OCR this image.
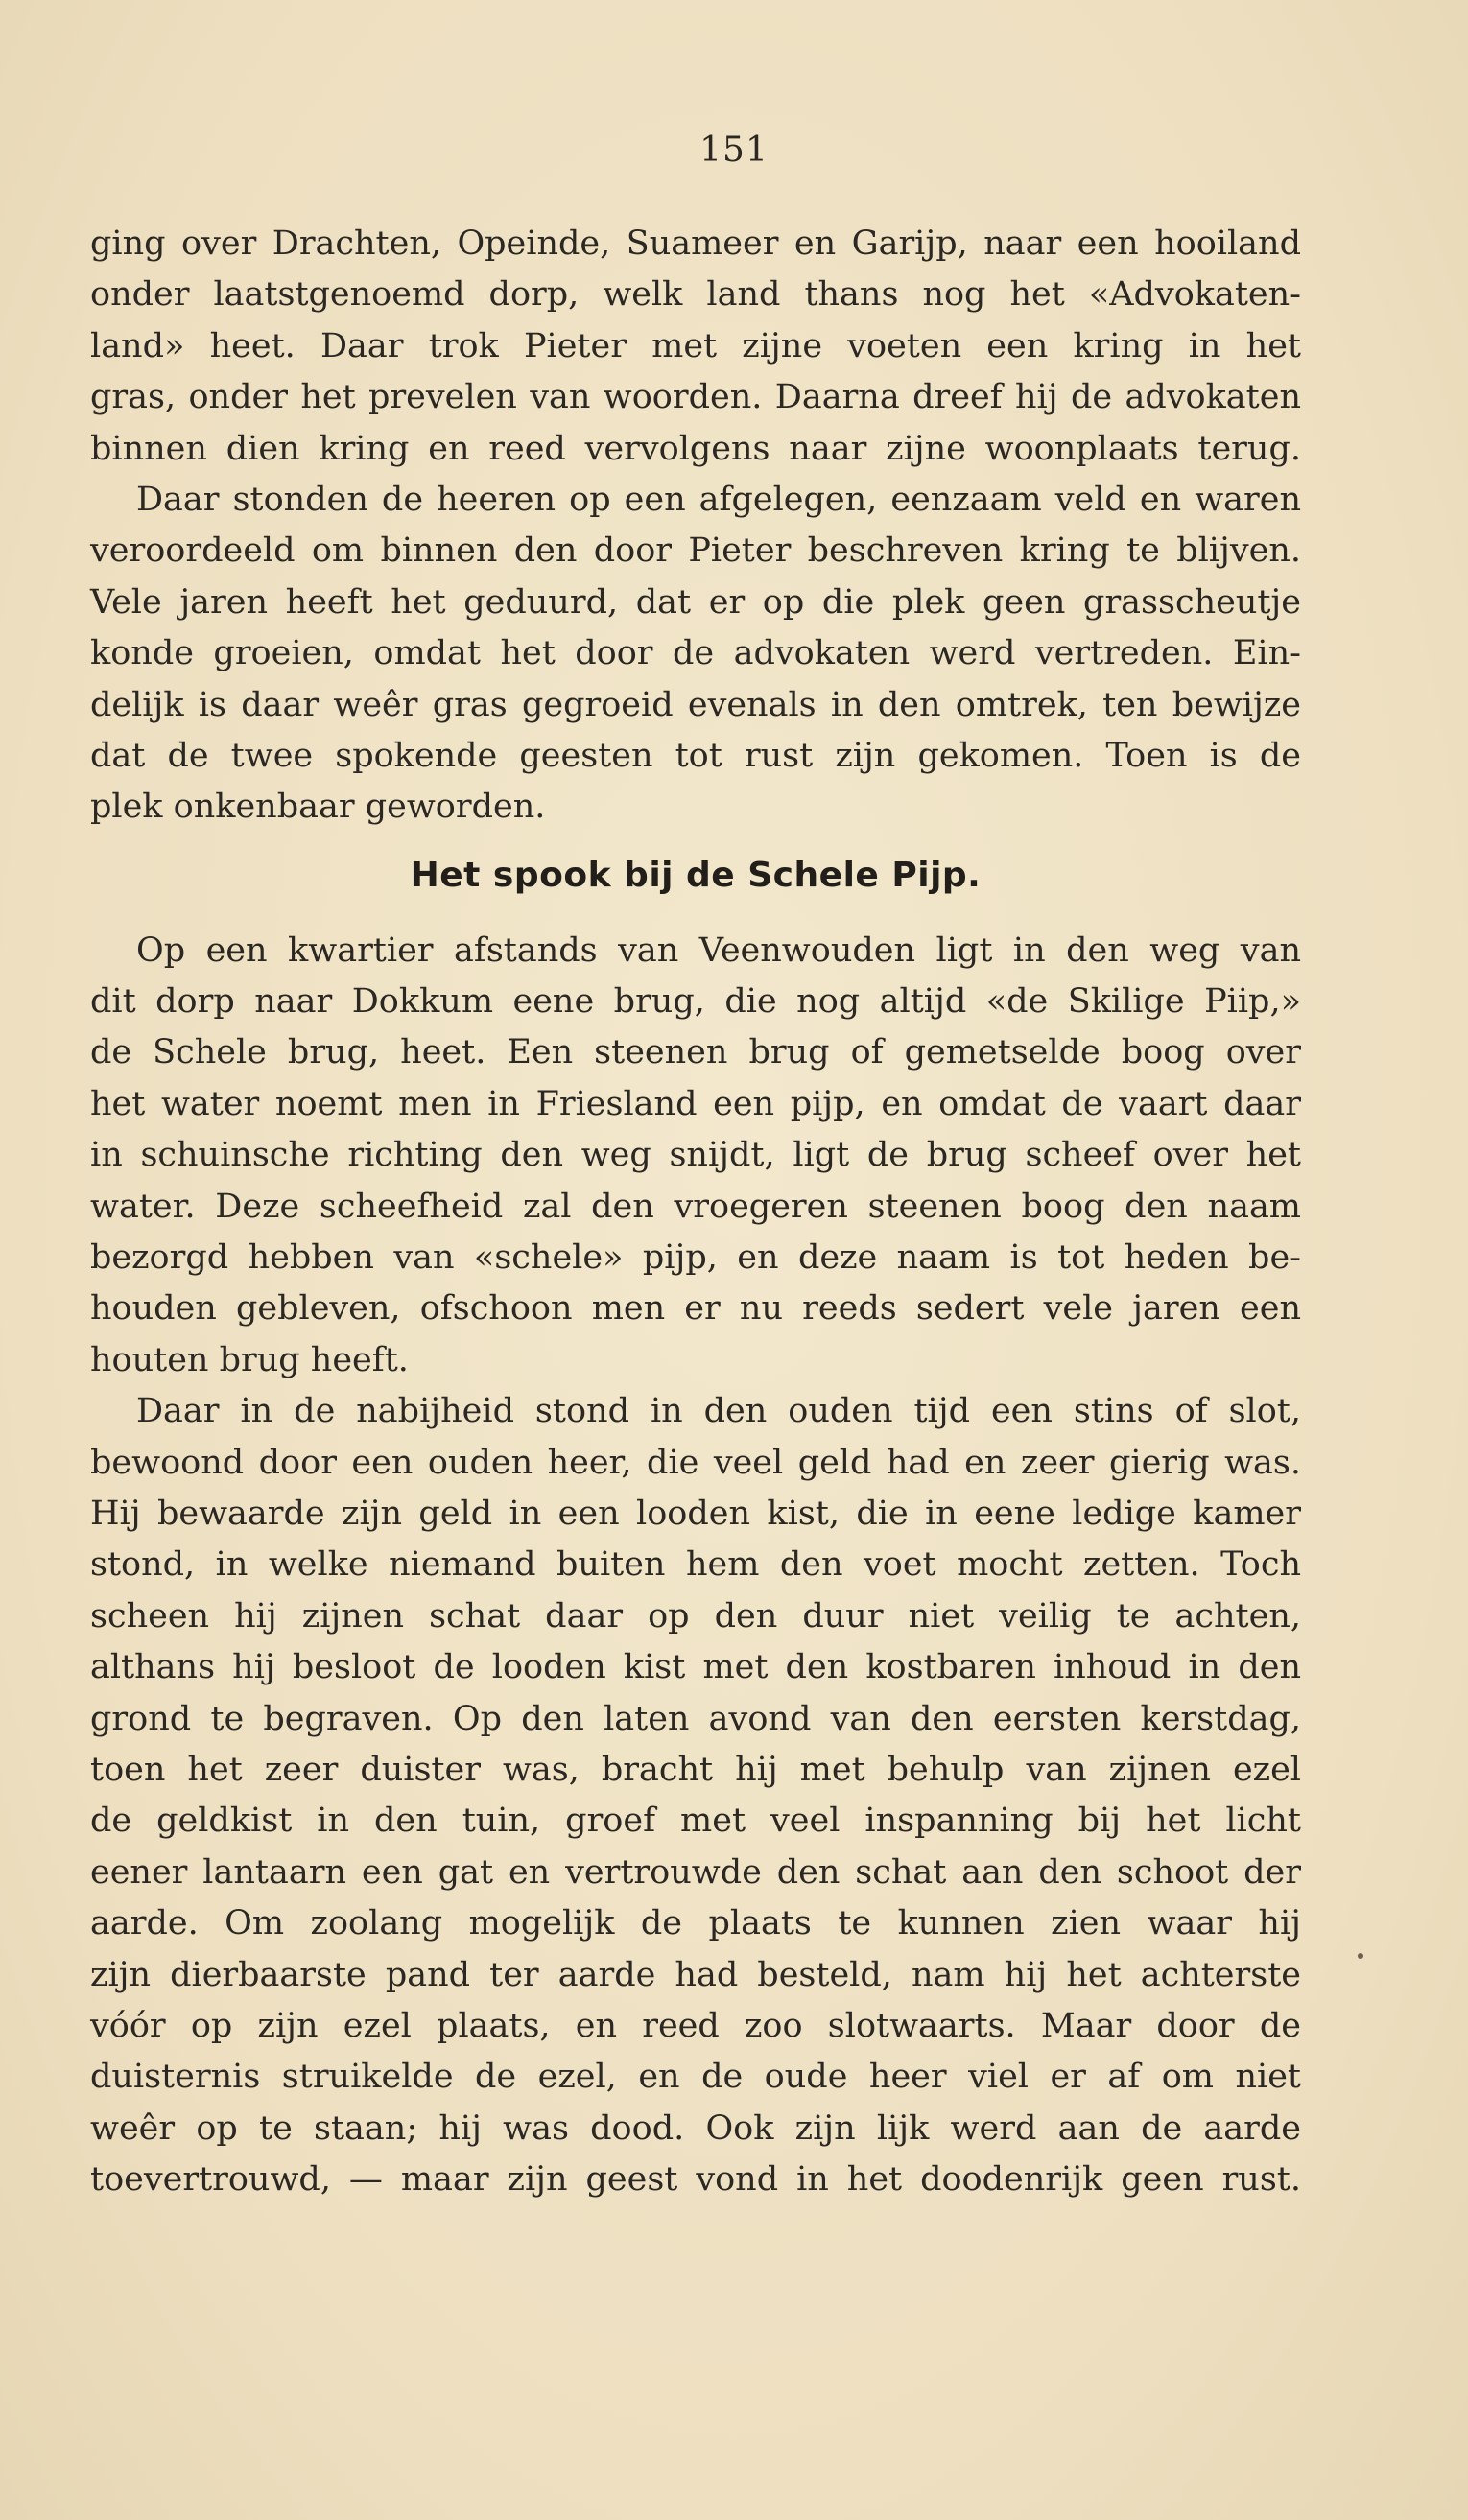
151
ging over Drachten, Opeinde, Suameer en Garijp, naar een hooiland
onder laatstgenoemd dorp, welk land thans nog het «Advokaten-
land» heet. Daar trok Pieter met zijne voeten een kring in het
gras, onder het prevelen van woorden. Daarna dreef hij de advokaten
binnen dien kring en reed vervolgens naar zijne woonplaats terug.
Daar stonden de heeren op een afgelegen, eenzaam veld en waren
veroordeeld om binnen den door Pieter beschreven kring te blijven.
Vele jaren heeft het geduurd, dat er op die plek geen grasscheutje
konde groeien, omdat het door de advokaten werd vertreden. Ein-
delijk is daar weêr gras gegroeid evenals in den omtrek, ten bewijze
dat de twee spokende geesten tot rust zijn gekomen. Toen is de
plek onkenbaar geworden.
Het spook bij de Schele Pijp.
Op een kwartier afstands van Veenwouden ligt in den weg van
dit dorp naar Dokkum eene brug, die nog altijd «de Skilige Piip,»
de Schele brug, heet. Een steenen brug of gemetselde boog over
het water noemt men in Friesland een pijp, en omdat de vaart daar
in schuinsche richting den weg snijdt, ligt de brug scheef over het
water. Deze scheefheid zal den vroegeren steenen boog den naam
bezorgd hebben van «schele» pijp, en deze naam is tot heden be-
houden gebleven, ofschoon men er nu reeds sedert vele jaren een
houten brug heeft.
Daar in de nabijheid stond in den ouden tijd een stins of slot,
bewoond door een ouden heer, die veel geld had en zeer gierig was.
Hij bewaarde zijn geld in een looden kist, die in eene ledige kamer
stond, in welke niemand buiten hem den voet mocht zetten. Toch
scheen hij zijnen schat daar op den duur niet veilig te achten,
althans hij besloot de looden kist met den kostbaren inhoud in den
grond te begraven. Op den laten avond van den eersten kerstdag,
toen het zeer duister was, bracht hij met behulp van zijnen ezel
de geldkist in den tuin, groef met veel inspanning bij het licht
eener lantaarn een gat en vertrouwde den schat aan den schoot der
aarde. Om zoolang mogelijk de plaats te kunnen zien waar hij
zijn dierbaarste pand ter aarde had besteld, nam hij het achterste
vóór op zijn ezel plaats, en reed zoo slotwaarts. Maar door de
duisternis struikelde de ezel, en de oude heer viel er af om niet
weêr op te staan; hij was dood. Ook zijn lijk werd aan de aarde
toevertrouwd, — maar zijn geest vond in het doodenrijk geen rust.
